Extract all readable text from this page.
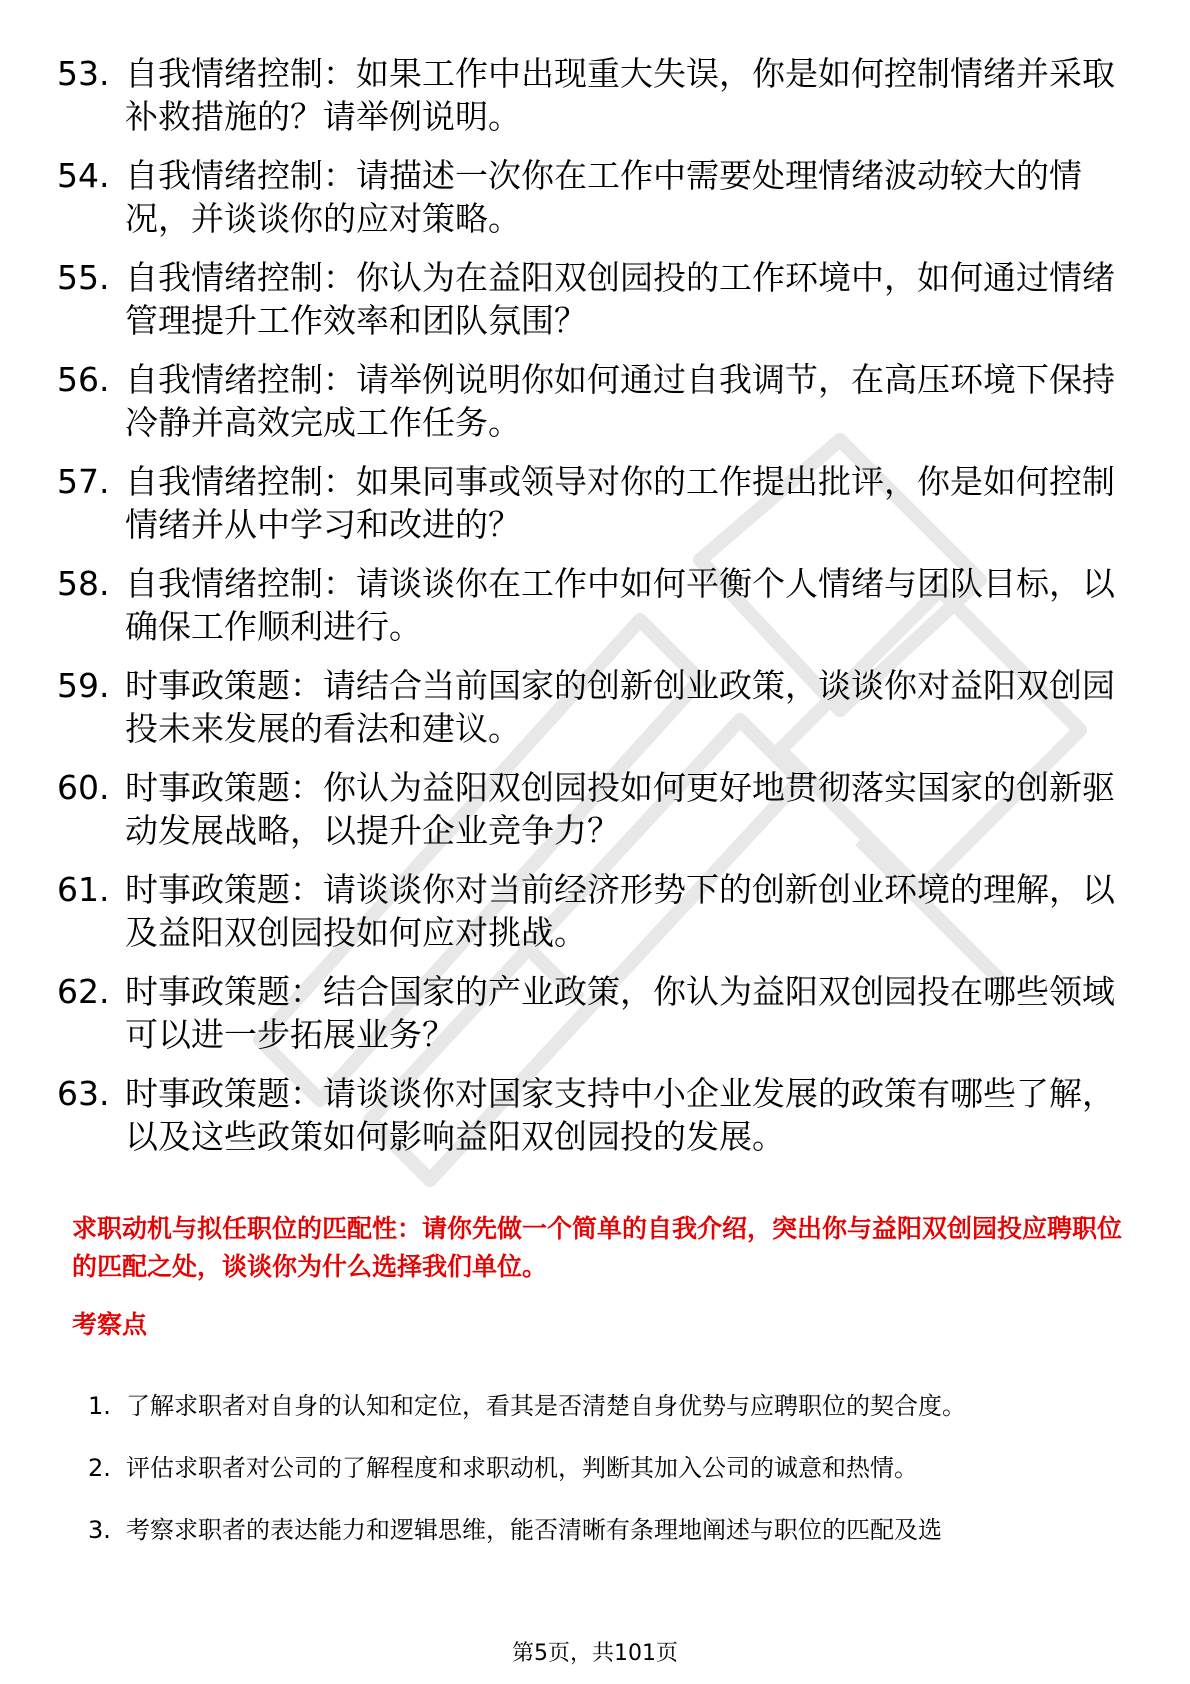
53. 自我情绪控制：如果工作中出现重大失误，你是如何控制情绪并采取补救措施的？请举例说明。
54. 自我情绪控制：请描述一次你在工作中需要处理情绪波动较大的情况，并谈谈你的应对策略。
55. 自我情绪控制：你认为在益阳双创园投的工作环境中，如何通过情绪管理提升工作效率和团队氛围？
56. 自我情绪控制：请举例说明你如何通过自我调节，在高压环境下保持冷静并高效完成工作任务。
57. 自我情绪控制：如果同事或领导对你的工作提出批评，你是如何控制情绪并从中学习和改进的？
58. 自我情绪控制：请谈谈你在工作中如何平衡个人情绪与团队目标，以确保工作顺利进行。
59. 时事政策题：请结合当前国家的创新创业政策，谈谈你对益阳双创园投未来发展的看法和建议。
60. 时事政策题：你认为益阳双创园投如何更好地贯彻落实国家的创新驱动发展战略，以提升企业竞争力？
61. 时事政策题：请谈谈你对当前经济形势下的创新创业环境的理解，以及益阳双创园投如何应对挑战。
62. 时事政策题：结合国家的产业政策，你认为益阳双创园投在哪些领域可以进一步拓展业务？
63. 时事政策题：请谈谈你对国家支持中小企业发展的政策有哪些了解，以及这些政策如何影响益阳双创园投的发展。

求职动机与拟任职位的匹配性：请你先做一个简单的自我介绍，突出你与益阳双创园投应聘职位的匹配之处，谈谈你为什么选择我们单位。

考察点

1. 了解求职者对自身的认知和定位，看其是否清楚自身优势与应聘职位的契合度。
2. 评估求职者对公司的了解程度和求职动机，判断其加入公司的诚意和热情。
3. 考察求职者的表达能力和逻辑思维，能否清晰有条理地阐述与职位的匹配及选
第5页，共101页
